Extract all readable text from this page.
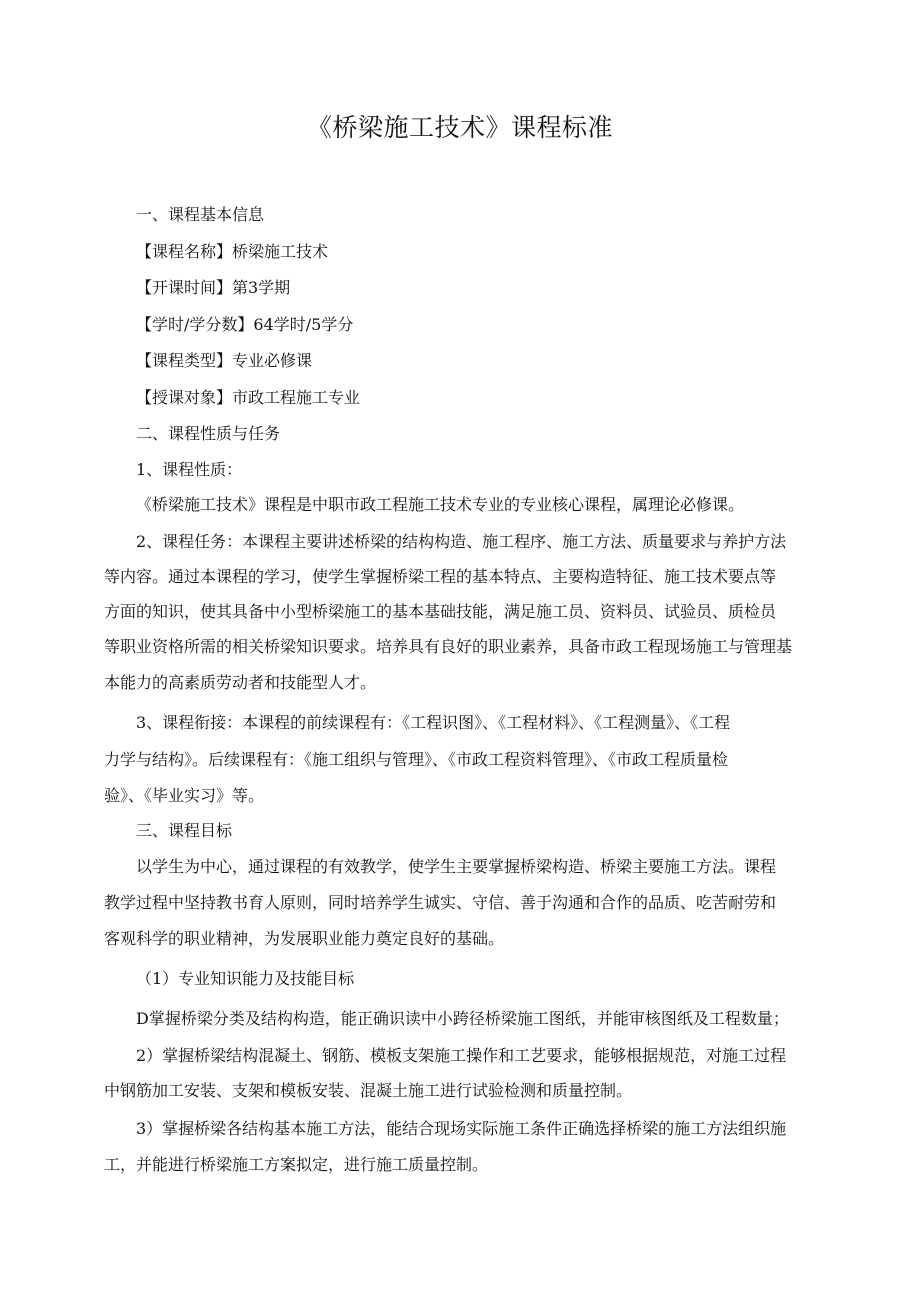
《桥梁施工技术》课程标准
一、课程基本信息
【课程名称】桥梁施工技术
【开课时间】第3学期
【学时/学分数】64学时/5学分
【课程类型】专业必修课
【授课对象】市政工程施工专业
二、课程性质与任务
1、课程性质：
《桥梁施工技术》课程是中职市政工程施工技术专业的专业核心课程，属理论必修课。
2、课程任务：本课程主要讲述桥梁的结构构造、施工程序、施工方法、质量要求与养护方法
等内容。通过本课程的学习，使学生掌握桥梁工程的基本特点、主要构造特征、施工技术要点等
方面的知识，使其具备中小型桥梁施工的基本基础技能，满足施工员、资料员、试验员、质检员
等职业资格所需的相关桥梁知识要求。培养具有良好的职业素养，具备市政工程现场施工与管理基
本能力的高素质劳动者和技能型人才。
3、课程衔接：本课程的前续课程有：《工程识图》、《工程材料》、《工程测量》、《工程
力学与结构》。后续课程有：《施工组织与管理》、《市政工程资料管理》、《市政工程质量检
验》、《毕业实习》等。
三、课程目标
以学生为中心，通过课程的有效教学，使学生主要掌握桥梁构造、桥梁主要施工方法。课程
教学过程中坚持教书育人原则，同时培养学生诚实、守信、善于沟通和合作的品质、吃苦耐劳和
客观科学的职业精神，为发展职业能力奠定良好的基础。
（1）专业知识能力及技能目标
D掌握桥梁分类及结构构造，能正确识读中小跨径桥梁施工图纸，并能审核图纸及工程数量；
2）掌握桥梁结构混凝土、钢筋、模板支架施工操作和工艺要求，能够根据规范，对施工过程
中钢筋加工安装、支架和模板安装、混凝土施工进行试验检测和质量控制。
3）掌握桥梁各结构基本施工方法，能结合现场实际施工条件正确选择桥梁的施工方法组织施
工，并能进行桥梁施工方案拟定，进行施工质量控制。
